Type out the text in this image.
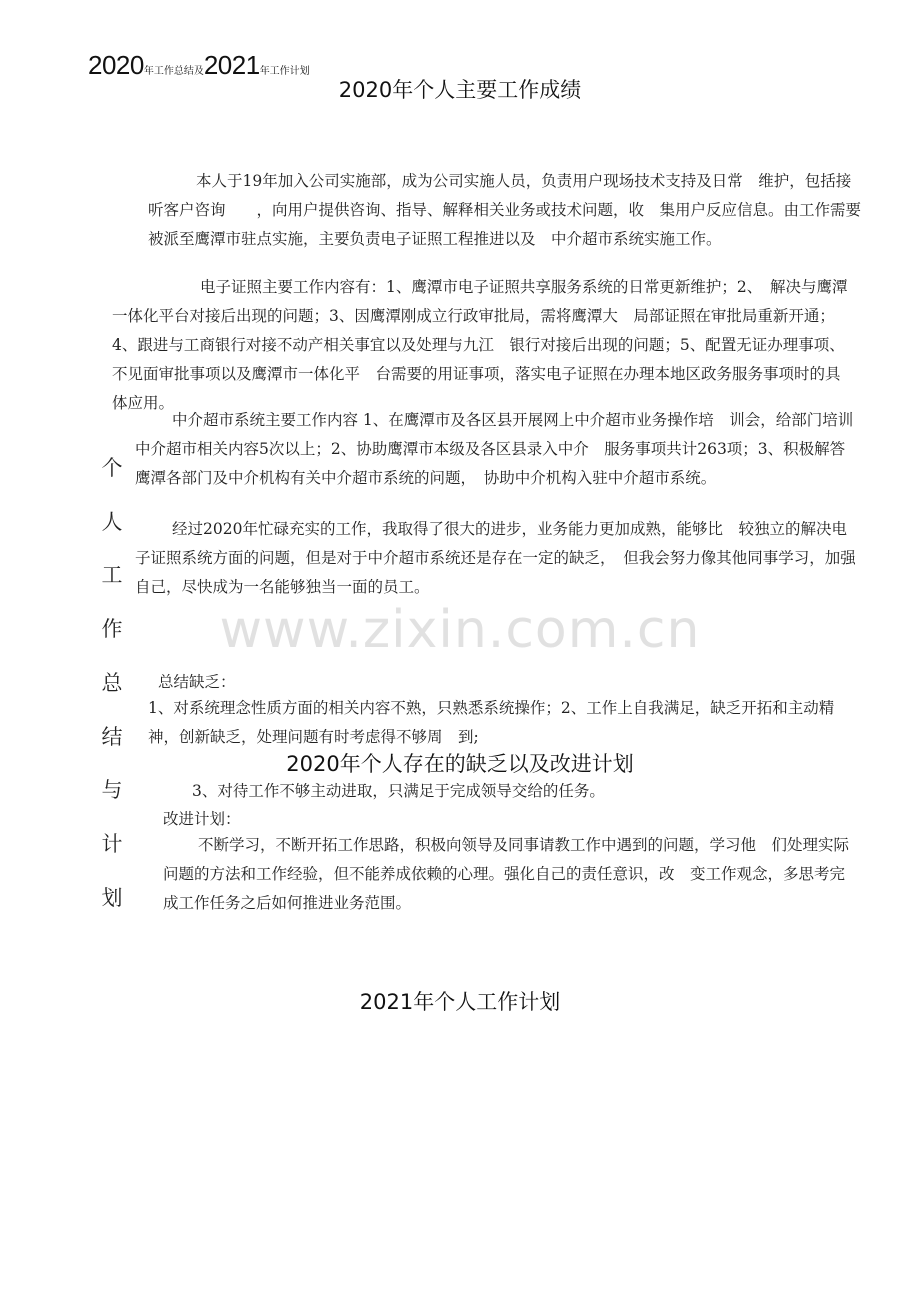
2020年工作总结及2021年工作计划
2020年个人主要工作成绩
本人于19年加入公司实施部，成为公司实施人员，负责用户现场技术支持及日常　维护，包括接听客户咨询　　，向用户提供咨询、指导、解释相关业务或技术问题，收　集用户反应信息。由工作需要被派至鹰潭市驻点实施，主要负责电子证照工程推进以及　中介超市系统实施工作。
电子证照主要工作内容有：1、鹰潭市电子证照共享服务系统的日常更新维护；2、　解决与鹰潭一体化平台对接后出现的问题；3、因鹰潭刚成立行政审批局，需将鹰潭大　局部证照在审批局重新开通；4、跟进与工商银行对接不动产相关事宜以及处理与九江　银行对接后出现的问题；5、配置无证办理事项、不见面审批事项以及鹰潭市一体化平　台需要的用证事项，落实电子证照在办理本地区政务服务事项时的具体应用。
中介超市系统主要工作内容 1、在鹰潭市及各区县开展网上中介超市业务操作培　训会，给部门培训中介超市相关内容5次以上；2、协助鹰潭市本级及各区县录入中介　服务事项共计263项；3、积极解答鹰潭各部门及中介机构有关中介超市系统的问题，　协助中介机构入驻中介超市系统。
经过2020年忙碌充实的工作，我取得了很大的进步，业务能力更加成熟，能够比　较独立的解决电子证照系统方面的问题，但是对于中介超市系统还是存在一定的缺乏，　但我会努力像其他同事学习，加强自己，尽快成为一名能够独当一面的员工。
个
人
工
作
总
结
与
计
划
www.zixin.com.cn
总结缺乏：
1、对系统理念性质方面的相关内容不熟，只熟悉系统操作；2、工作上自我满足，缺乏开拓和主动精神，创新缺乏，处理问题有时考虑得不够周　到;
2020年个人存在的缺乏以及改进计划
3、对待工作不够主动进取，只满足于完成领导交给的任务。
改进计划：
不断学习，不断开拓工作思路，积极向领导及同事请教工作中遇到的问题，学习他　们处理实际问题的方法和工作经验，但不能养成依赖的心理。强化自己的责任意识，改　变工作观念，多思考完成工作任务之后如何推进业务范围。
2021年个人工作计划
